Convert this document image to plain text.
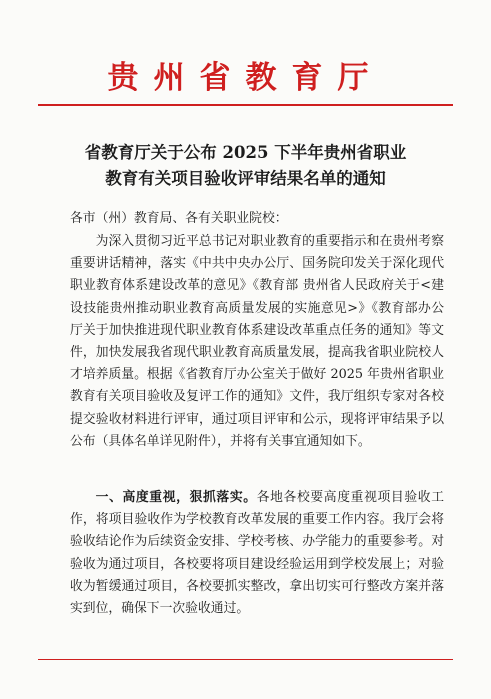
贵州省教育厅
省教育厅关于公布 2025 下半年贵州省职业
教育有关项目验收评审结果名单的通知
各市（州）教育局、各有关职业院校：
为深入贯彻习近平总书记对职业教育的重要指示和在贵州考察重要讲话精神，落实《中共中央办公厅、国务院印发关于深化现代职业教育体系建设改革的意见》《教育部 贵州省人民政府关于<建设技能贵州推动职业教育高质量发展的实施意见>》《教育部办公厅关于加快推进现代职业教育体系建设改革重点任务的通知》等文件，加快发展我省现代职业教育高质量发展，提高我省职业院校人才培养质量。根据《省教育厅办公室关于做好 2025 年贵州省职业教育有关项目验收及复评工作的通知》文件，我厅组织专家对各校提交验收材料进行评审，通过项目评审和公示，现将评审结果予以公布（具体名单详见附件），并将有关事宜通知如下。
一、高度重视，狠抓落实。各地各校要高度重视项目验收工作，将项目验收作为学校教育改革发展的重要工作内容。我厅会将验收结论作为后续资金安排、学校考核、办学能力的重要参考。对验收为通过项目，各校要将项目建设经验运用到学校发展上；对验收为暂缓通过项目，各校要抓实整改，拿出切实可行整改方案并落实到位，确保下一次验收通过。
